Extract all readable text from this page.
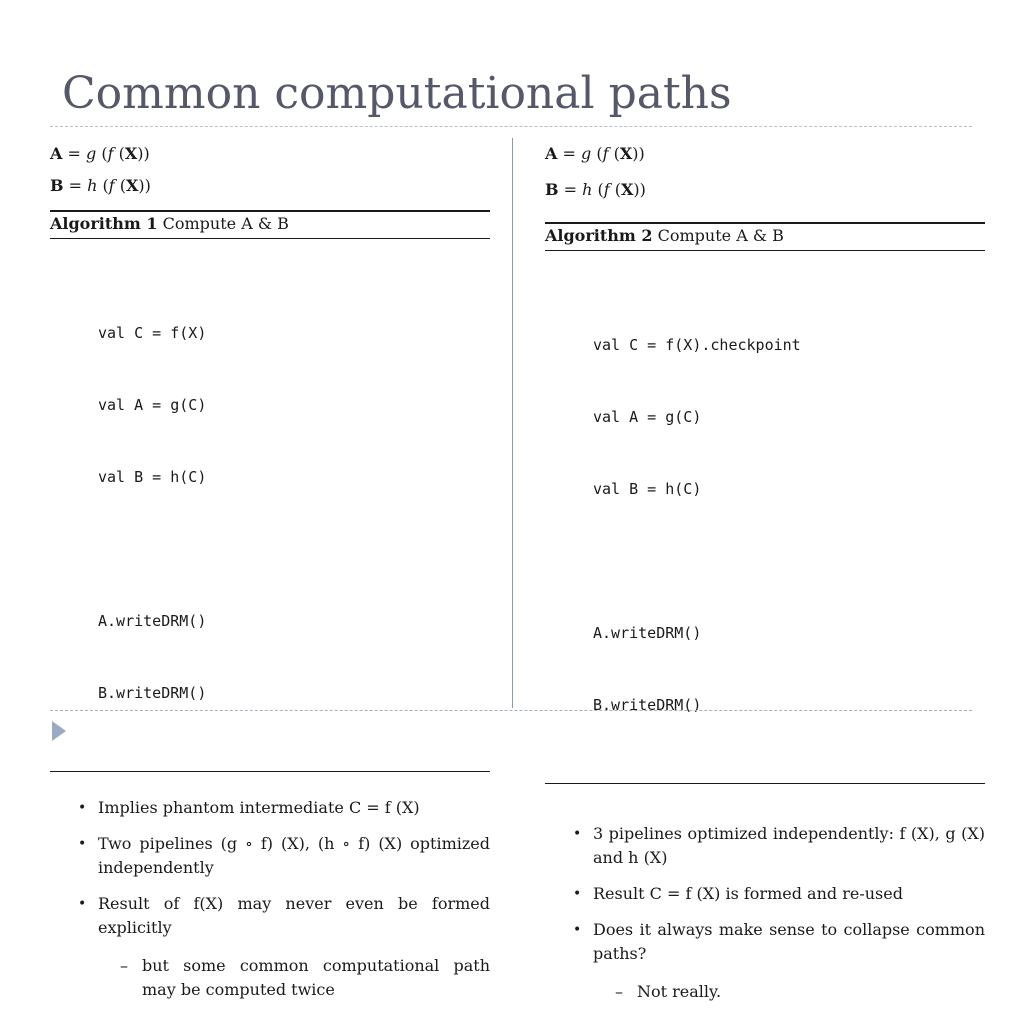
Common computational paths
A = g (f (X))
B = h (f (X))
Algorithm 1 Compute A & B

val C = f(X)

val A = g(C)

val B = h(C)

A.writeDRM()

B.writeDRM()

• Implies phantom intermediate C = f (X)
• Two pipelines (g ∘ f) (X), (h ∘ f) (X) optimized independently
• Result of f(X) may never even be formed explicitly
– but some common computational path may be computed twice
A = g (f (X))
B = h (f (X))
Algorithm 2 Compute A & B

val C = f(X).checkpoint

val A = g(C)

val B = h(C)

A.writeDRM()

B.writeDRM()

• 3 pipelines optimized independently: f (X), g (X) and h (X)
• Result C = f (X) is formed and re-used
• Does it always make sense to collapse common paths?
– Not really.
